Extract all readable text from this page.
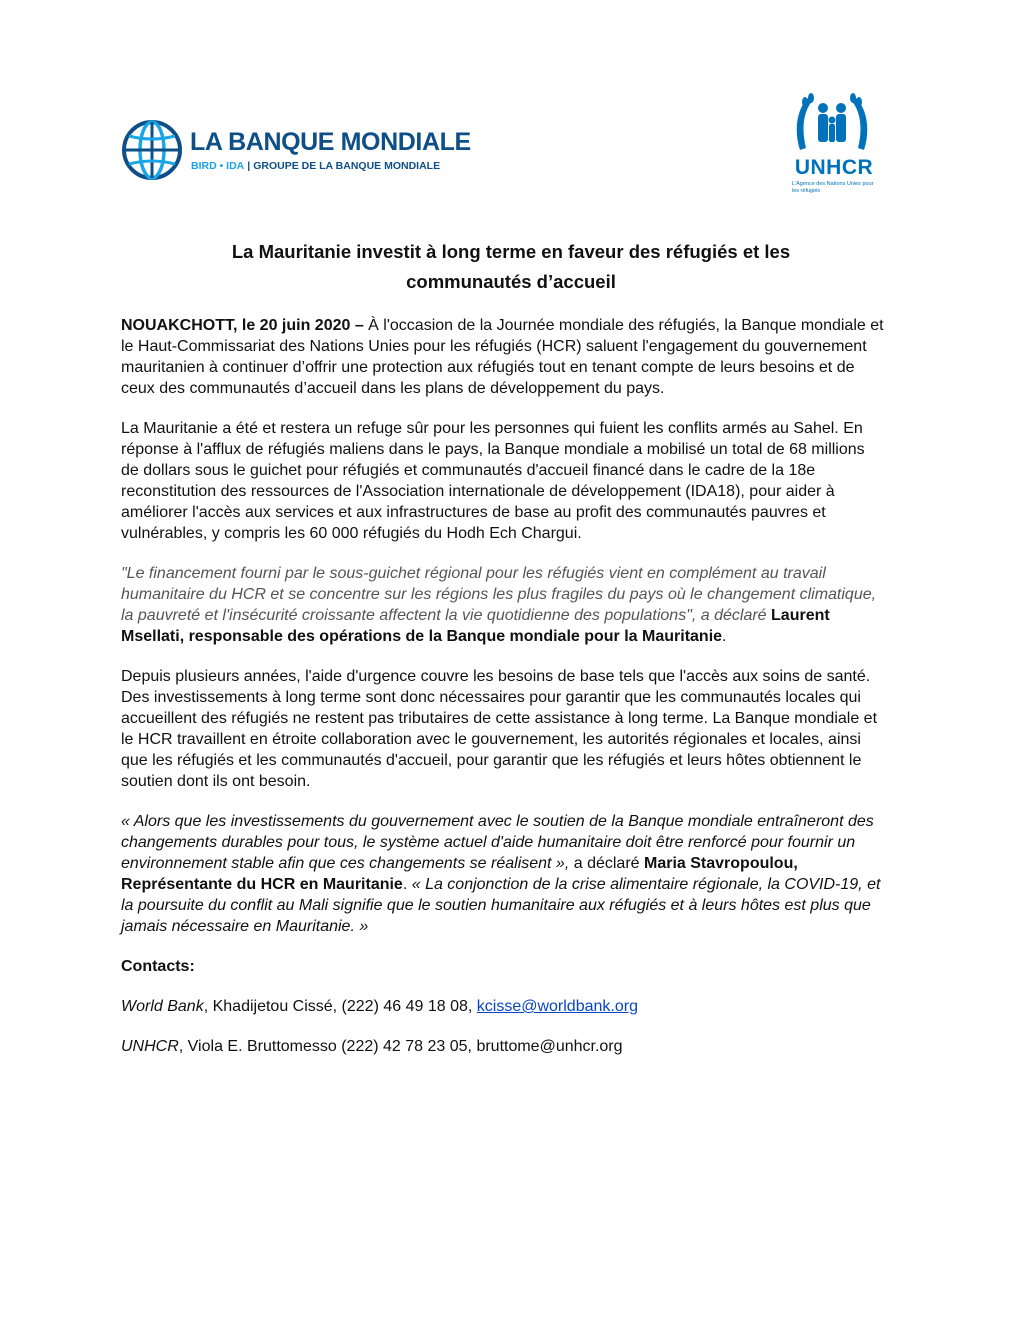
LA BANQUE MONDIALE
BIRD • IDA | GROUPE DE LA BANQUE MONDIALE	UNHCR
L'Agence des Nations Unies pour les réfugiés
La Mauritanie investit à long terme en faveur des réfugiés et les
communautés d’accueil

NOUAKCHOTT, le 20 juin 2020 – À l'occasion de la Journée mondiale des réfugiés, la Banque mondiale et le Haut-Commissariat des Nations Unies pour les réfugiés (HCR) saluent l'engagement du gouvernement mauritanien à continuer d’offrir une protection aux réfugiés tout en tenant compte de leurs besoins et de ceux des communautés d’accueil dans les plans de développement du pays.

La Mauritanie a été et restera un refuge sûr pour les personnes qui fuient les conflits armés au Sahel. En réponse à l'afflux de réfugiés maliens dans le pays, la Banque mondiale a mobilisé un total de 68 millions de dollars sous le guichet pour réfugiés et communautés d'accueil financé dans le cadre de la 18e reconstitution des ressources de l'Association internationale de développement (IDA18), pour aider à améliorer l'accès aux services et aux infrastructures de base au profit des communautés pauvres et vulnérables, y compris les 60 000 réfugiés du Hodh Ech Chargui.

"Le financement fourni par le sous-guichet régional pour les réfugiés vient en complément au travail humanitaire du HCR et se concentre sur les régions les plus fragiles du pays où le changement climatique, la pauvreté et l'insécurité croissante affectent la vie quotidienne des populations", a déclaré Laurent Msellati, responsable des opérations de la Banque mondiale pour la Mauritanie.

Depuis plusieurs années, l'aide d'urgence couvre les besoins de base tels que l'accès aux soins de santé. Des investissements à long terme sont donc nécessaires pour garantir que les communautés locales qui accueillent des réfugiés ne restent pas tributaires de cette assistance à long terme. La Banque mondiale et le HCR travaillent en étroite collaboration avec le gouvernement, les autorités régionales et locales, ainsi que les réfugiés et les communautés d'accueil, pour garantir que les réfugiés et leurs hôtes obtiennent le soutien dont ils ont besoin.

« Alors que les investissements du gouvernement avec le soutien de la Banque mondiale entraîneront des changements durables pour tous, le système actuel d'aide humanitaire doit être renforcé pour fournir un environnement stable afin que ces changements se réalisent », a déclaré Maria Stavropoulou, Représentante du HCR en Mauritanie. « La conjonction de la crise alimentaire régionale, la COVID-19, et la poursuite du conflit au Mali signifie que le soutien humanitaire aux réfugiés et à leurs hôtes est plus que jamais nécessaire en Mauritanie. »

Contacts:

World Bank, Khadijetou Cissé, (222) 46 49 18 08, kcisse@worldbank.org

UNHCR, Viola E. Bruttomesso (222) 42 78 23 05, bruttome@unhcr.org
